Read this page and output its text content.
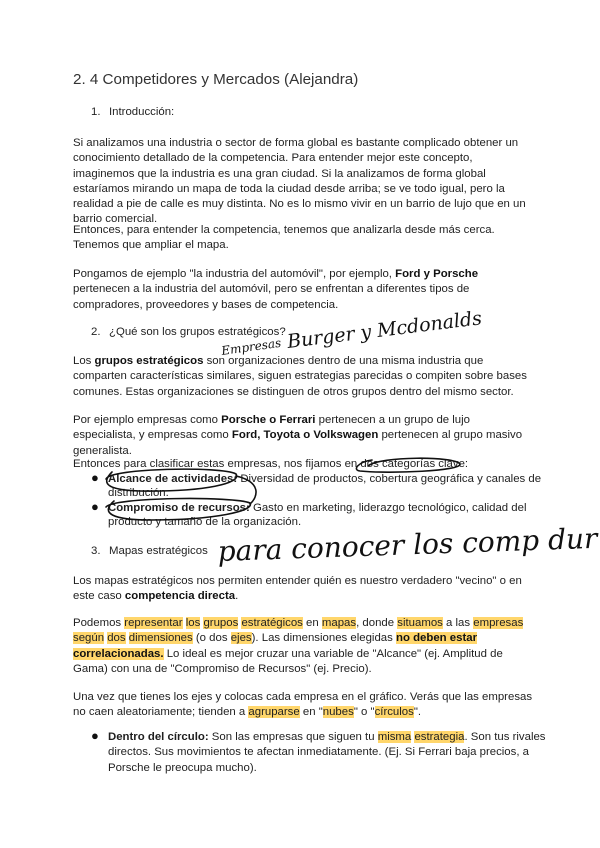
2. 4 Competidores y Mercados (Alejandra)
1. Introducción:
Si analizamos una industria o sector de forma global es bastante complicado obtener un conocimiento detallado de la competencia. Para entender mejor este concepto, imaginemos que la industria es una gran ciudad. Si la analizamos de forma global estaríamos mirando un mapa de toda la ciudad desde arriba; se ve todo igual, pero la realidad a pie de calle es muy distinta. No es lo mismo vivir en un barrio de lujo que en un barrio comercial.
Entonces, para entender la competencia, tenemos que analizarla desde más cerca. Tenemos que ampliar el mapa.
Pongamos de ejemplo "la industria del automóvil", por ejemplo, Ford y Porsche pertenecen a la industria del automóvil, pero se enfrentan a diferentes tipos de compradores, proveedores y bases de competencia.
2. ¿Qué son los grupos estratégicos?
Los grupos estratégicos son organizaciones dentro de una misma industria que comparten características similares, siguen estrategias parecidas o compiten sobre bases comunes. Estas organizaciones se distinguen de otros grupos dentro del mismo sector.
Por ejemplo empresas como Porsche o Ferrari pertenecen a un grupo de lujo especialista, y empresas como Ford, Toyota o Volkswagen pertenecen al grupo masivo generalista.
Entonces para clasificar estas empresas, nos fijamos en dos categorías clave:
● Alcance de actividades: Diversidad de productos, cobertura geográfica y canales de distribución.
● Compromiso de recursos: Gasto en marketing, liderazgo tecnológico, calidad del producto y tamaño de la organización.
3. Mapas estratégicos
Los mapas estratégicos nos permiten entender quién es nuestro verdadero "vecino" o en este caso competencia directa.
Podemos representar los grupos estratégicos en mapas, donde situamos a las empresas según dos dimensiones (o dos ejes). Las dimensiones elegidas no deben estar correlacionadas. Lo ideal es mejor cruzar una variable de "Alcance" (ej. Amplitud de Gama) con una de "Compromiso de Recursos" (ej. Precio).
Una vez que tienes los ejes y colocas cada empresa en el gráfico. Verás que las empresas no caen aleatoriamente; tienden a agruparse en "nubes" o "círculos".
● Dentro del círculo: Son las empresas que siguen tu misma estrategia. Son tus rivales directos. Sus movimientos te afectan inmediatamente. (Ej. Si Ferrari baja precios, a Porsche le preocupa mucho).
Empresas Burger y Mcdonalds
para conocer los comp dur
